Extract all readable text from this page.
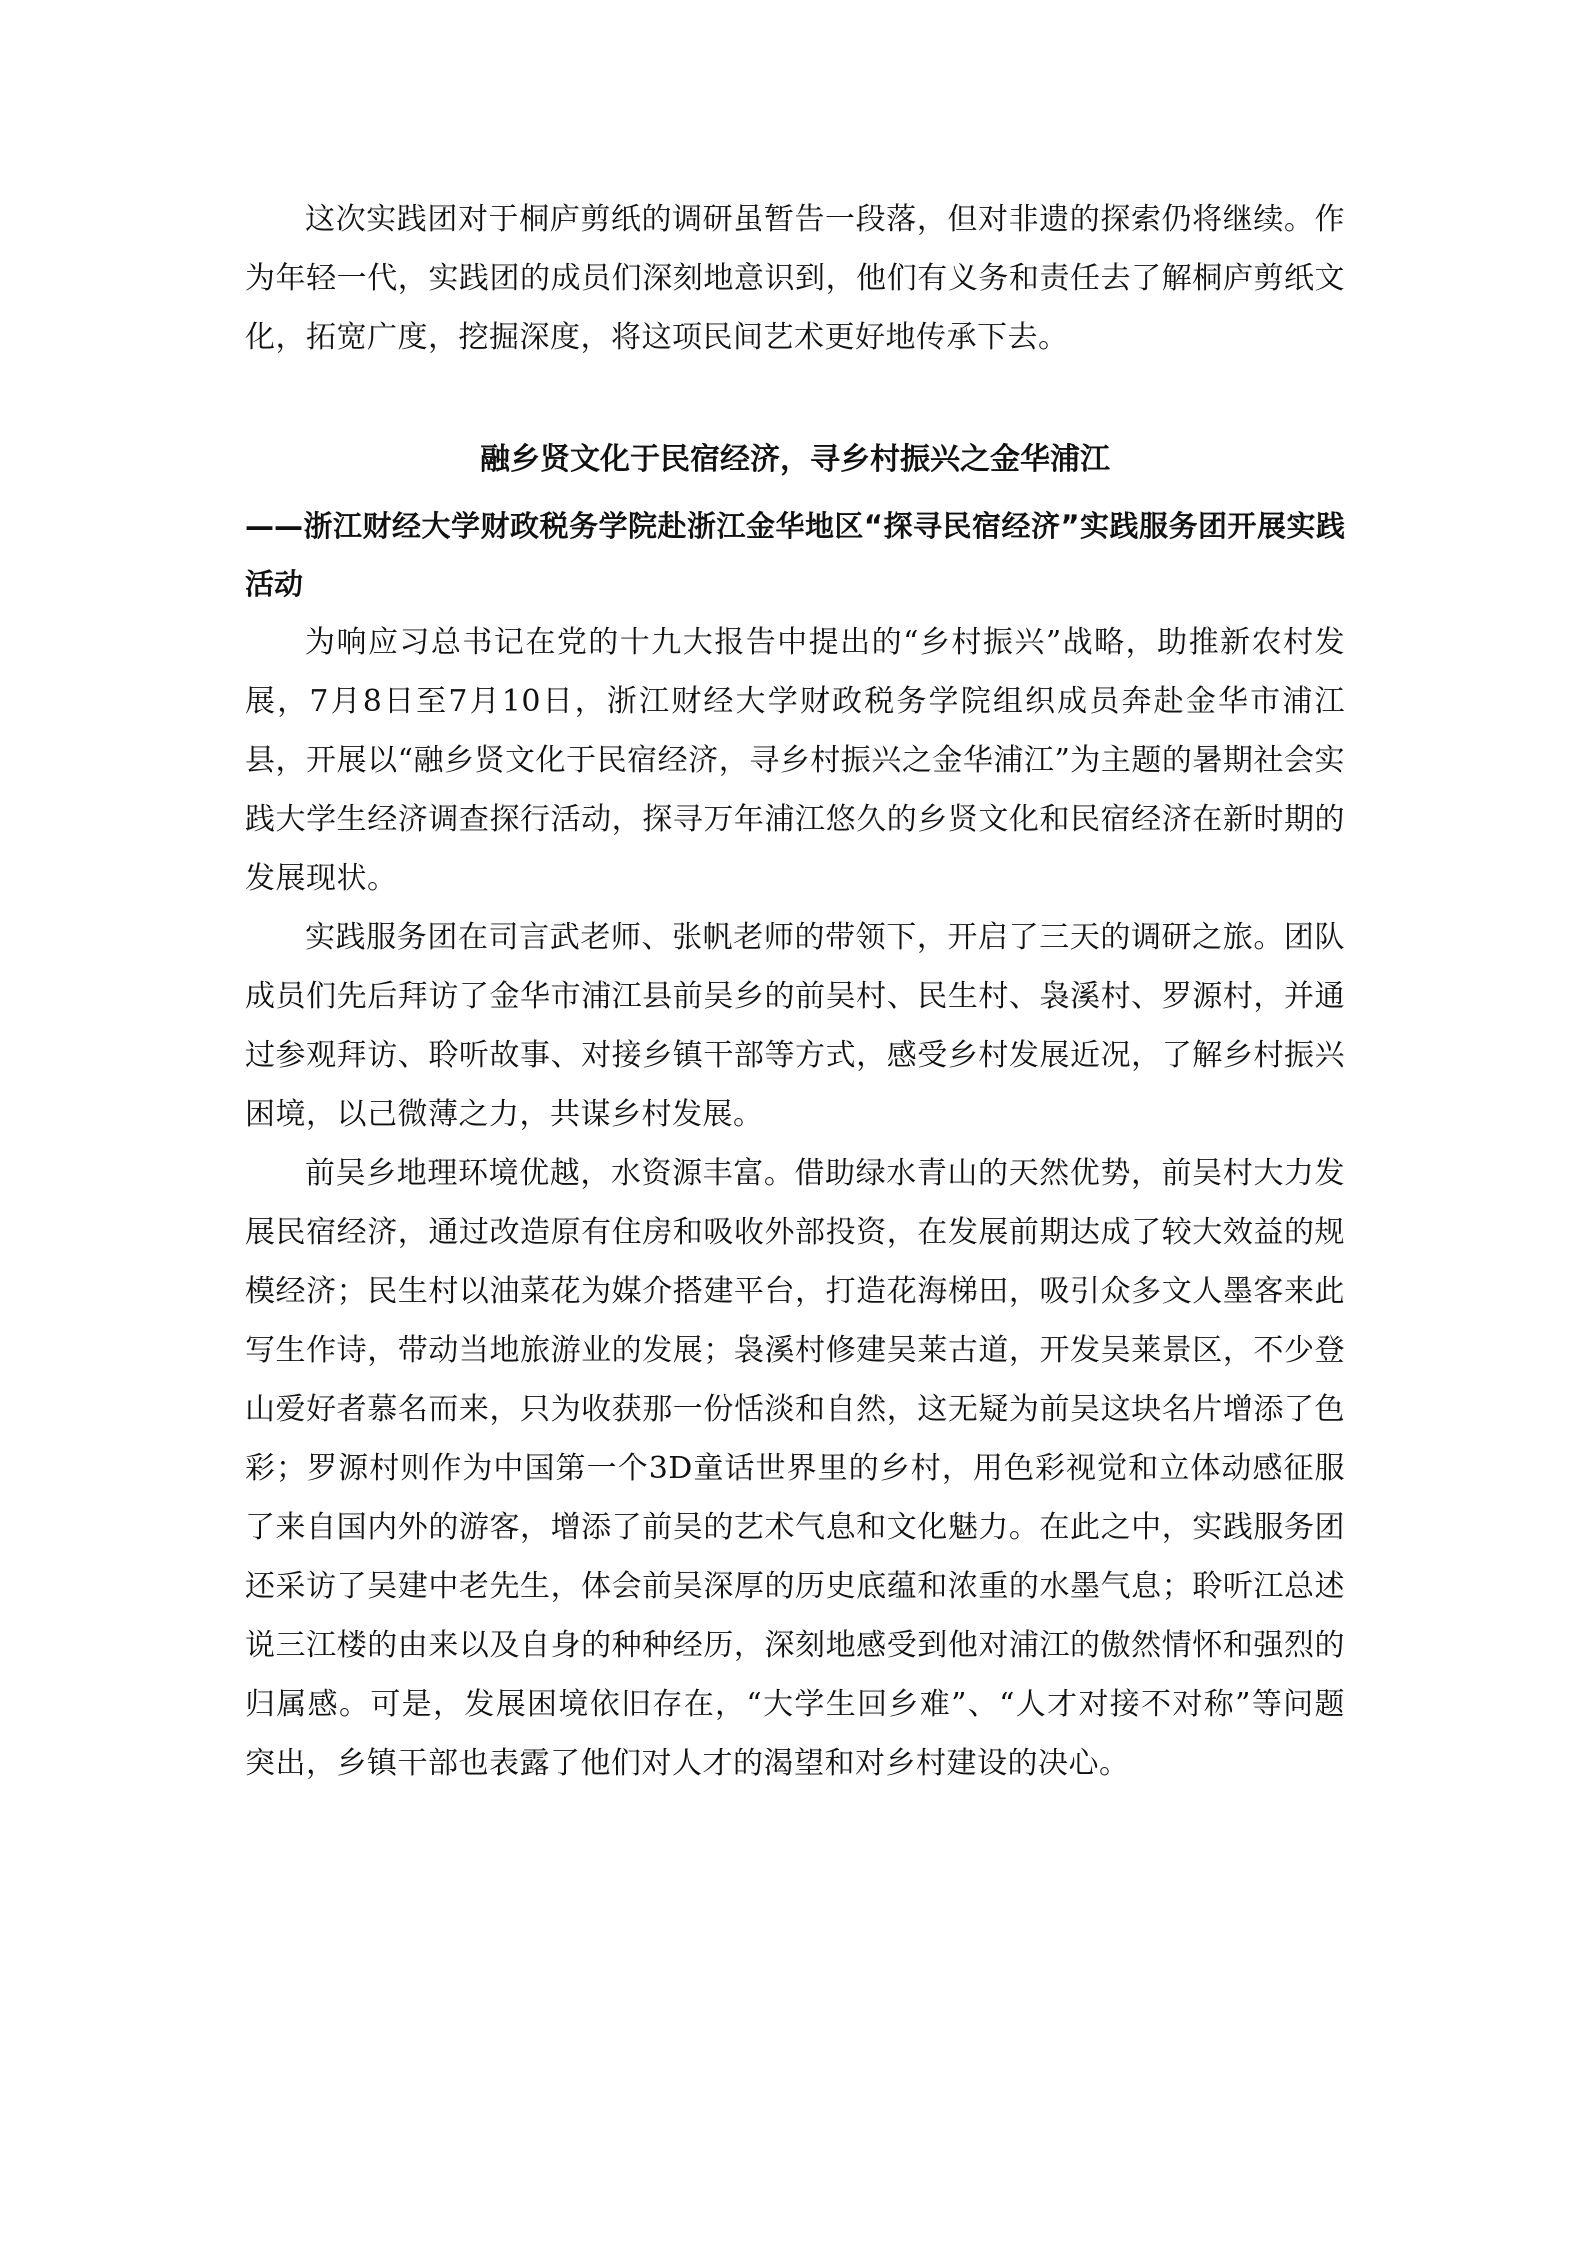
这次实践团对于桐庐剪纸的调研虽暂告一段落，但对非遗的探索仍将继续。作为年轻一代，实践团的成员们深刻地意识到，他们有义务和责任去了解桐庐剪纸文化，拓宽广度，挖掘深度，将这项民间艺术更好地传承下去。

融乡贤文化于民宿经济，寻乡村振兴之金华浦江
——浙江财经大学财政税务学院赴浙江金华地区“探寻民宿经济”实践服务团开展实践活动

为响应习总书记在党的十九大报告中提出的“乡村振兴”战略，助推新农村发展，7月8日至7月10日，浙江财经大学财政税务学院组织成员奔赴金华市浦江县，开展以“融乡贤文化于民宿经济，寻乡村振兴之金华浦江”为主题的暑期社会实践大学生经济调查探行活动，探寻万年浦江悠久的乡贤文化和民宿经济在新时期的发展现状。

实践服务团在司言武老师、张帆老师的带领下，开启了三天的调研之旅。团队成员们先后拜访了金华市浦江县前吴乡的前吴村、民生村、袅溪村、罗源村，并通过参观拜访、聆听故事、对接乡镇干部等方式，感受乡村发展近况，了解乡村振兴困境，以己微薄之力，共谋乡村发展。

前吴乡地理环境优越，水资源丰富。借助绿水青山的天然优势，前吴村大力发展民宿经济，通过改造原有住房和吸收外部投资，在发展前期达成了较大效益的规模经济；民生村以油菜花为媒介搭建平台，打造花海梯田，吸引众多文人墨客来此写生作诗，带动当地旅游业的发展；袅溪村修建吴莱古道，开发吴莱景区，不少登山爱好者慕名而来，只为收获那一份恬淡和自然，这无疑为前吴这块名片增添了色彩；罗源村则作为中国第一个3D童话世界里的乡村，用色彩视觉和立体动感征服了来自国内外的游客，增添了前吴的艺术气息和文化魅力。在此之中，实践服务团还采访了吴建中老先生，体会前吴深厚的历史底蕴和浓重的水墨气息；聆听江总述说三江楼的由来以及自身的种种经历，深刻地感受到他对浦江的傲然情怀和强烈的归属感。可是，发展困境依旧存在，“大学生回乡难”、“人才对接不对称”等问题突出，乡镇干部也表露了他们对人才的渴望和对乡村建设的决心。
